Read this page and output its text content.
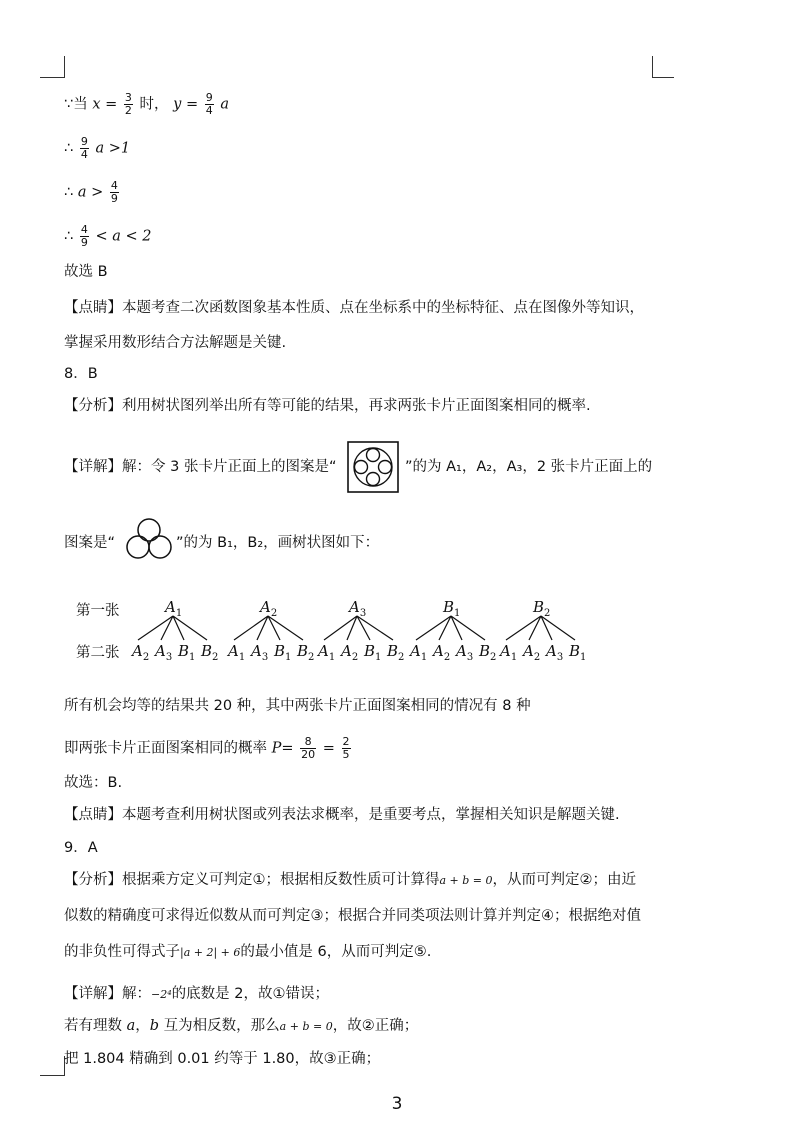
∵当 $x = \frac{3}{2}$ 时， $y = \frac{9}{4}$ a
∴ $\frac{9}{4}$ a >1
∴ $a > \frac{4}{9}$
∴ $\frac{4}{9} < a < 2$
故选 B
【点睛】本题考查二次函数图象基本性质、点在坐标系中的坐标特征、点在图像外等知识，
掌握采用数形结合方法解题是关键.
8．B
【分析】利用树状图列举出所有等可能的结果，再求两张卡片正面图案相同的概率.
【详解】解：令 3 张卡片正面上的图案是“	”的为 A₁，A₂，A₃，2 张卡片正面上的
图案是“	”的为 B₁，B₂，画树状图如下：
第一张
第二张
$A_1$
$A_2$ $A_3$ $B_1$ $B_2$
$A_2$
$A_1$ $A_3$ $B_1$ $B_2$
$A_3$
$A_1$ $A_2$ $B_1$ $B_2$
$B_1$
$A_1$ $A_2$ $A_3$ $B_2$
$B_2$
$A_1$ $A_2$ $A_3$ $B_1$
所有机会均等的结果共 20 种，其中两张卡片正面图案相同的情况有 8 种
即两张卡片正面图案相同的概率 $P= \frac{8}{20} = \frac{2}{5}$
故选：B.
【点睛】本题考查利用树状图或列表法求概率，是重要考点，掌握相关知识是解题关键.
9．A
【分析】根据乘方定义可判定①；根据相反数性质可计算得a + b = 0，从而可判定②；由近
似数的精确度可求得近似数从而可判定③；根据合并同类项法则计算并判定④；根据绝对值
的非负性可得式子|a + 2| + 6的最小值是 6，从而可判定⑤.
【详解】解：−2⁴的底数是 2，故①错误；
若有理数 a，b 互为相反数，那么a + b = 0，故②正确；
把 1.804 精确到 0.01 约等于 1.80，故③正确；
3
